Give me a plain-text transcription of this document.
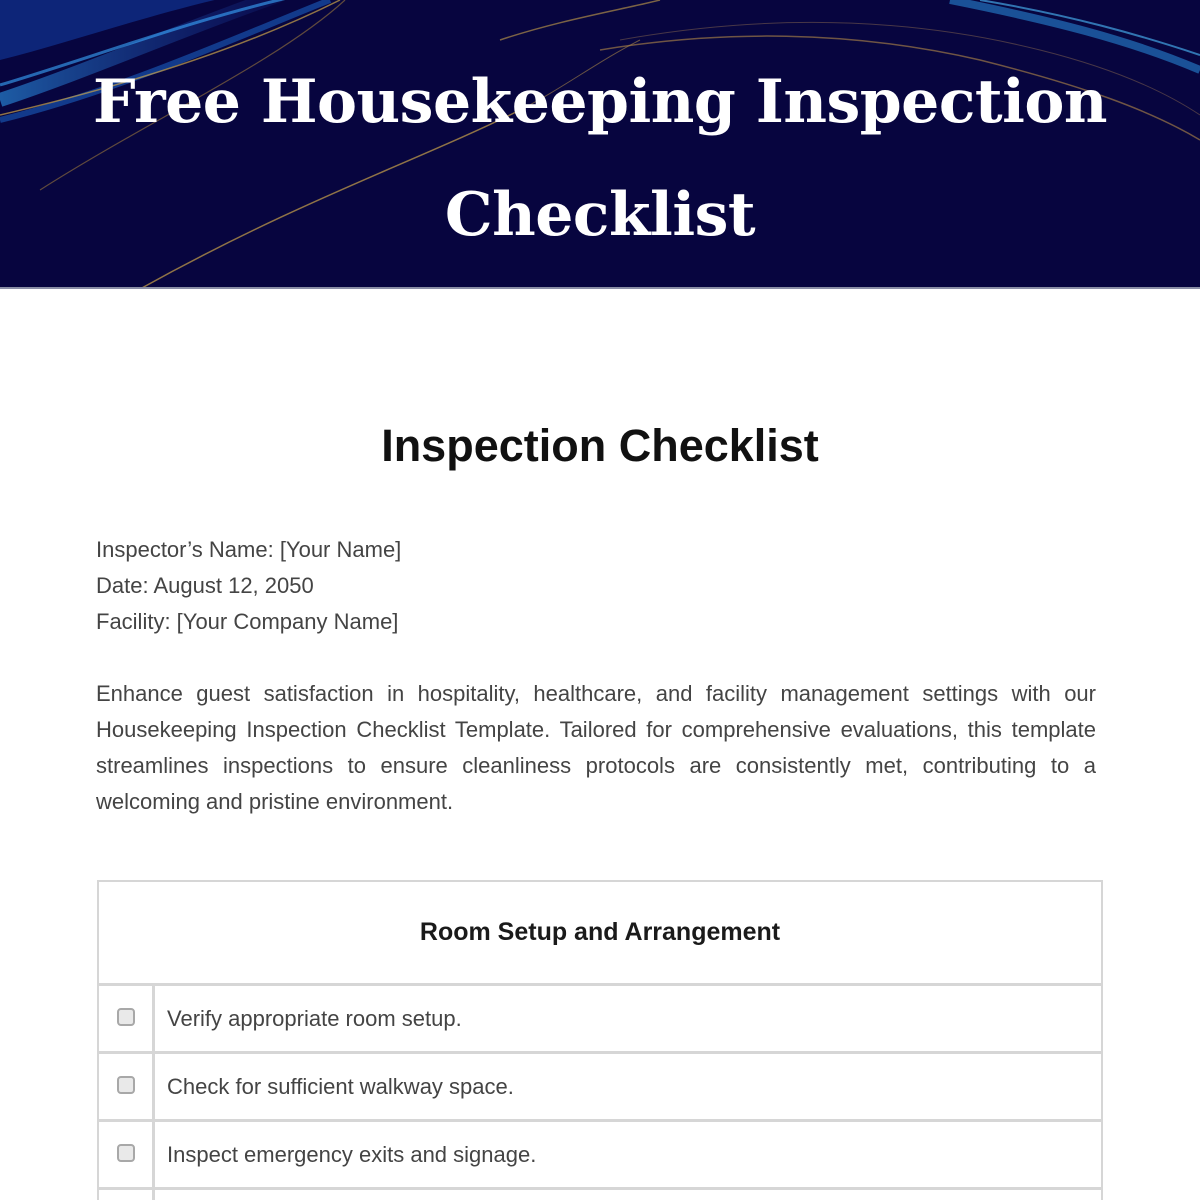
Free Housekeeping Inspection
Checklist
Inspection Checklist
Inspector’s Name: [Your Name]
Date: August 12, 2050
Facility: [Your Company Name]

Enhance guest satisfaction in hospitality, healthcare, and facility management settings with our Housekeeping Inspection Checklist Template. Tailored for comprehensive evaluations, this template streamlines inspections to ensure cleanliness protocols are consistently met, contributing to a welcoming and pristine environment.

Room Setup and Arrangement
Verify appropriate room setup.
Check for sufficient walkway space.
Inspect emergency exits and signage.
